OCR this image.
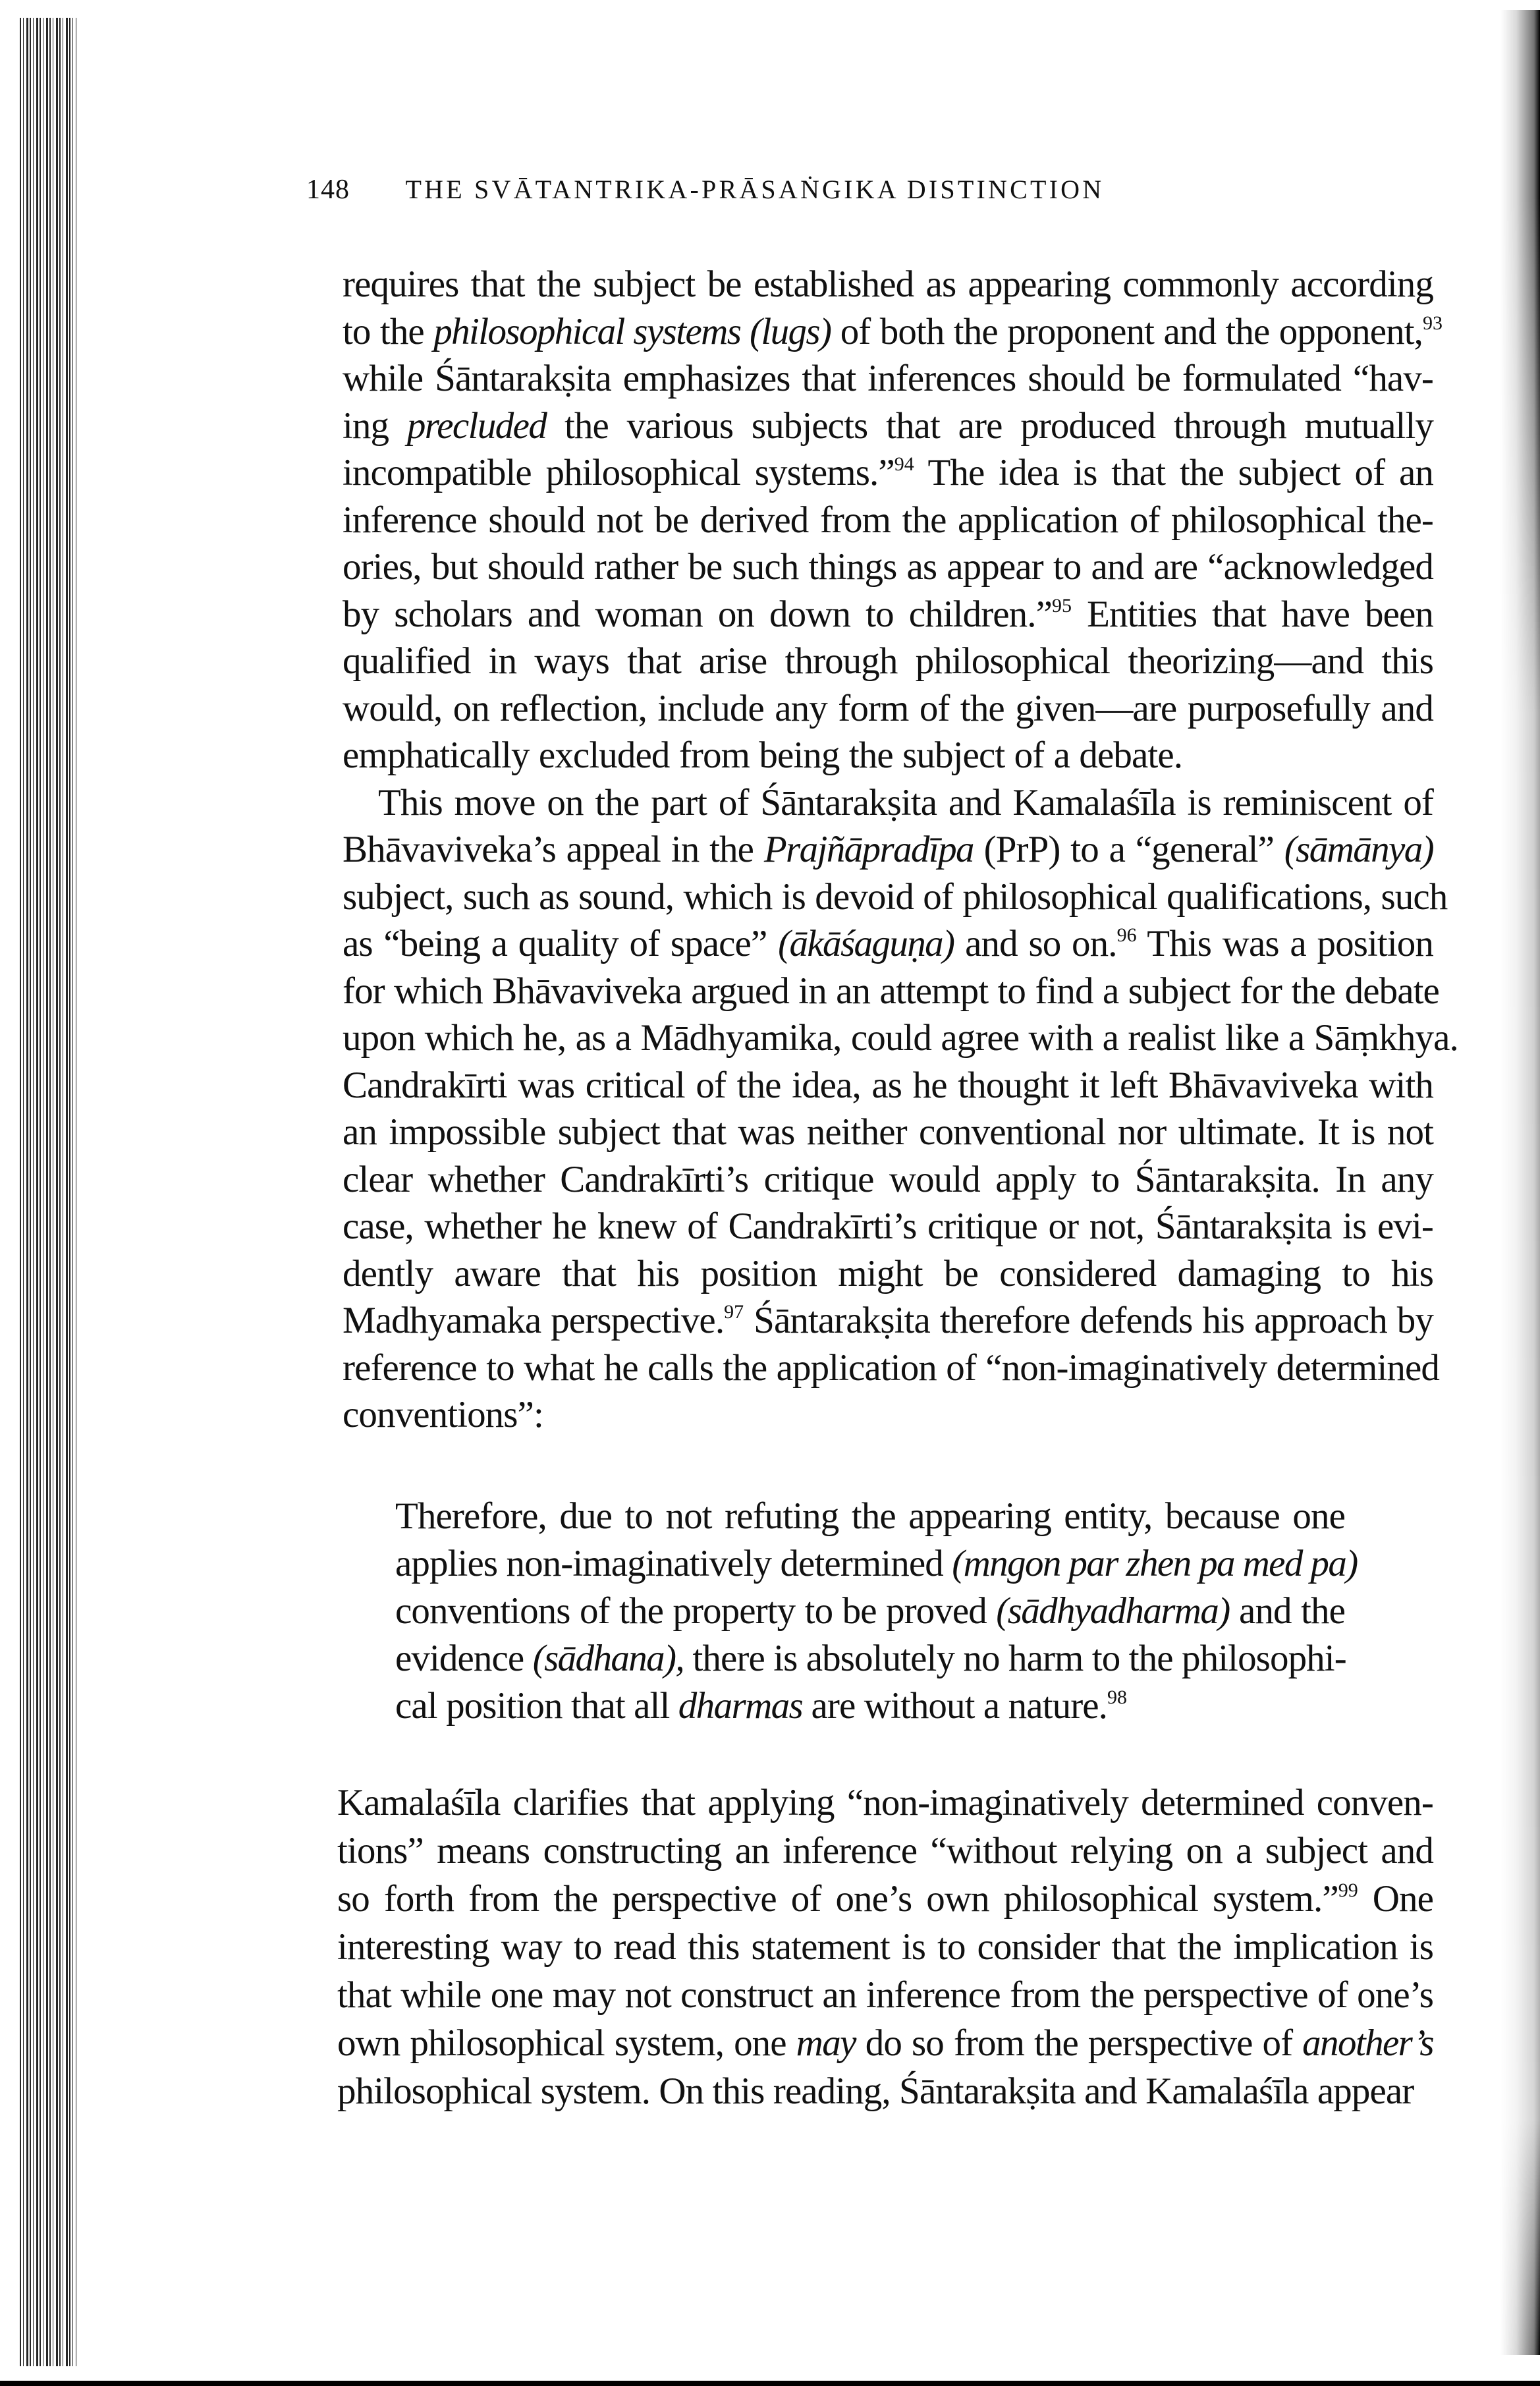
148 THE SVĀTANTRIKA-PRĀSAṄGIKA DISTINCTION
requires that the subject be established as appearing commonly according
to the philosophical systems (lugs) of both the proponent and the opponent,$^{93}$
while Śāntarakṣita emphasizes that inferences should be formulated “hav-
ing precluded the various subjects that are produced through mutually
incompatible philosophical systems.”$^{94}$ The idea is that the subject of an
inference should not be derived from the application of philosophical the-
ories, but should rather be such things as appear to and are “acknowledged
by scholars and woman on down to children.”$^{95}$ Entities that have been
qualified in ways that arise through philosophical theorizing—and this
would, on reflection, include any form of the given—are purposefully and
emphatically excluded from being the subject of a debate.
This move on the part of Śāntarakṣita and Kamalaśīla is reminiscent of
Bhāvaviveka’s appeal in the Prajñāpradīpa (PrP) to a “general” (sāmānya)
subject, such as sound, which is devoid of philosophical qualifications, such
as “being a quality of space” (ākāśaguṇa) and so on.$^{96}$ This was a position
for which Bhāvaviveka argued in an attempt to find a subject for the debate
upon which he, as a Mādhyamika, could agree with a realist like a Sāṃkhya.
Candrakīrti was critical of the idea, as he thought it left Bhāvaviveka with
an impossible subject that was neither conventional nor ultimate. It is not
clear whether Candrakīrti’s critique would apply to Śāntarakṣita. In any
case, whether he knew of Candrakīrti’s critique or not, Śāntarakṣita is evi-
dently aware that his position might be considered damaging to his
Madhyamaka perspective.$^{97}$ Śāntarakṣita therefore defends his approach by
reference to what he calls the application of “non-imaginatively determined
conventions”:
Therefore, due to not refuting the appearing entity, because one
applies non-imaginatively determined (mngon par zhen pa med pa)
conventions of the property to be proved (sādhyadharma) and the
evidence (sādhana), there is absolutely no harm to the philosophi-
cal position that all dharmas are without a nature.$^{98}$
Kamalaśīla clarifies that applying “non-imaginatively determined conven-
tions” means constructing an inference “without relying on a subject and
so forth from the perspective of one’s own philosophical system.”$^{99}$ One
interesting way to read this statement is to consider that the implication is
that while one may not construct an inference from the perspective of one’s
own philosophical system, one may do so from the perspective of another’s
philosophical system. On this reading, Śāntarakṣita and Kamalaśīla appear
